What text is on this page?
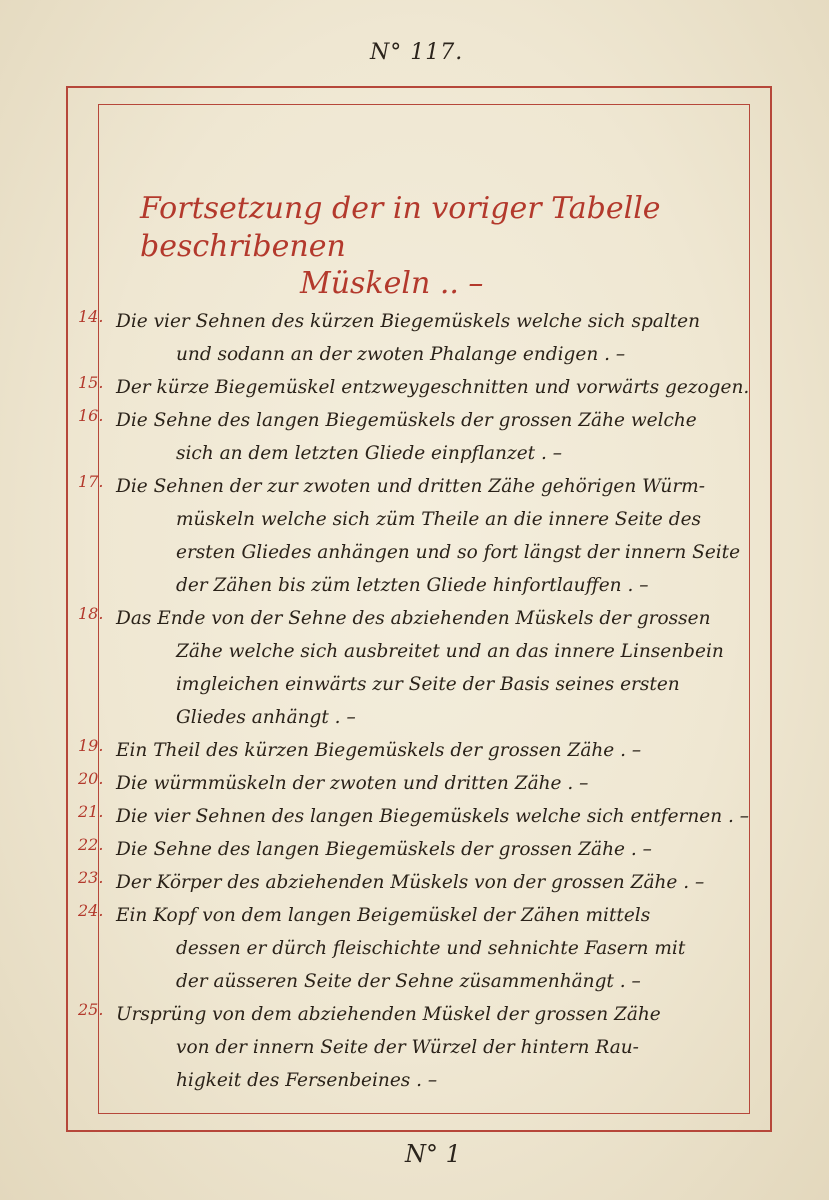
N° 117.
Fortsetzung der in voriger Tabelle beschribenen
Müskeln .. –
14. Die vier Sehnen des kürzen Biegemüskels welche sich spalten
und sodann an der zwoten Phalange endigen . –
15. Der kürze Biegemüskel entzweygeschnitten und vorwärts gezogen.
16. Die Sehne des langen Biegemüskels der grossen Zähe welche
sich an dem letzten Gliede einpflanzet . –
17. Die Sehnen der zur zwoten und dritten Zähe gehörigen Würm-
müskeln welche sich züm Theile an die innere Seite des
ersten Gliedes anhängen und so fort längst der innern Seite
der Zähen bis züm letzten Gliede hinfortlauffen . –
18. Das Ende von der Sehne des abziehenden Müskels der grossen
Zähe welche sich ausbreitet und an das innere Linsenbein
imgleichen einwärts zur Seite der Basis seines ersten
Gliedes anhängt . –
19. Ein Theil des kürzen Biegemüskels der grossen Zähe . –
20. Die würmmüskeln der zwoten und dritten Zähe . –
21. Die vier Sehnen des langen Biegemüskels welche sich entfernen . –
22. Die Sehne des langen Biegemüskels der grossen Zähe . –
23. Der Körper des abziehenden Müskels von der grossen Zähe . –
24. Ein Kopf von dem langen Beigemüskel der Zähen mittels
dessen er dürch fleischichte und sehnichte Fasern mit
der aüsseren Seite der Sehne züsammenhängt . –
25. Ursprüng von dem abziehenden Müskel der grossen Zähe
von der innern Seite der Würzel der hintern Rau-
higkeit des Fersenbeines . –
N° 1
